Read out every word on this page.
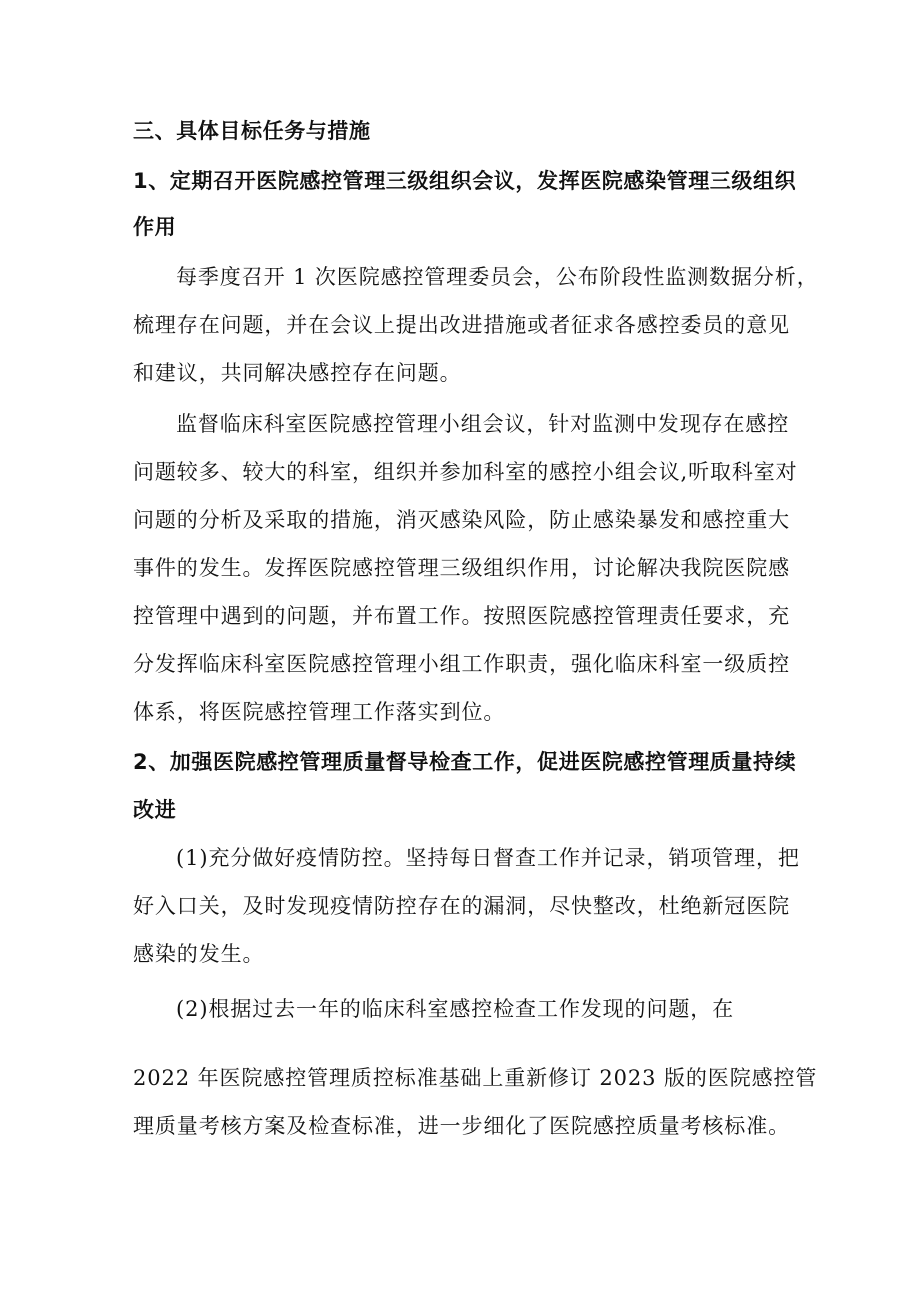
三、具体目标任务与措施
1、定期召开医院感控管理三级组织会议，发挥医院感染管理三级组织
作用
每季度召开 1 次医院感控管理委员会，公布阶段性监测数据分析，
梳理存在问题，并在会议上提出改进措施或者征求各感控委员的意见
和建议，共同解决感控存在问题。
监督临床科室医院感控管理小组会议，针对监测中发现存在感控
问题较多、较大的科室，组织并参加科室的感控小组会议,听取科室对
问题的分析及采取的措施，消灭感染风险，防止感染暴发和感控重大
事件的发生。发挥医院感控管理三级组织作用，讨论解决我院医院感
控管理中遇到的问题，并布置工作。按照医院感控管理责任要求，充
分发挥临床科室医院感控管理小组工作职责，强化临床科室一级质控
体系，将医院感控管理工作落实到位。
2、加强医院感控管理质量督导检查工作，促进医院感控管理质量持续
改进
(1)充分做好疫情防控。坚持每日督查工作并记录，销项管理，把
好入口关，及时发现疫情防控存在的漏洞，尽快整改，杜绝新冠医院
感染的发生。
(2)根据过去一年的临床科室感控检查工作发现的问题，在
2022 年医院感控管理质控标准基础上重新修订 2023 版的医院感控管
理质量考核方案及检查标准，进一步细化了医院感控质量考核标准。
